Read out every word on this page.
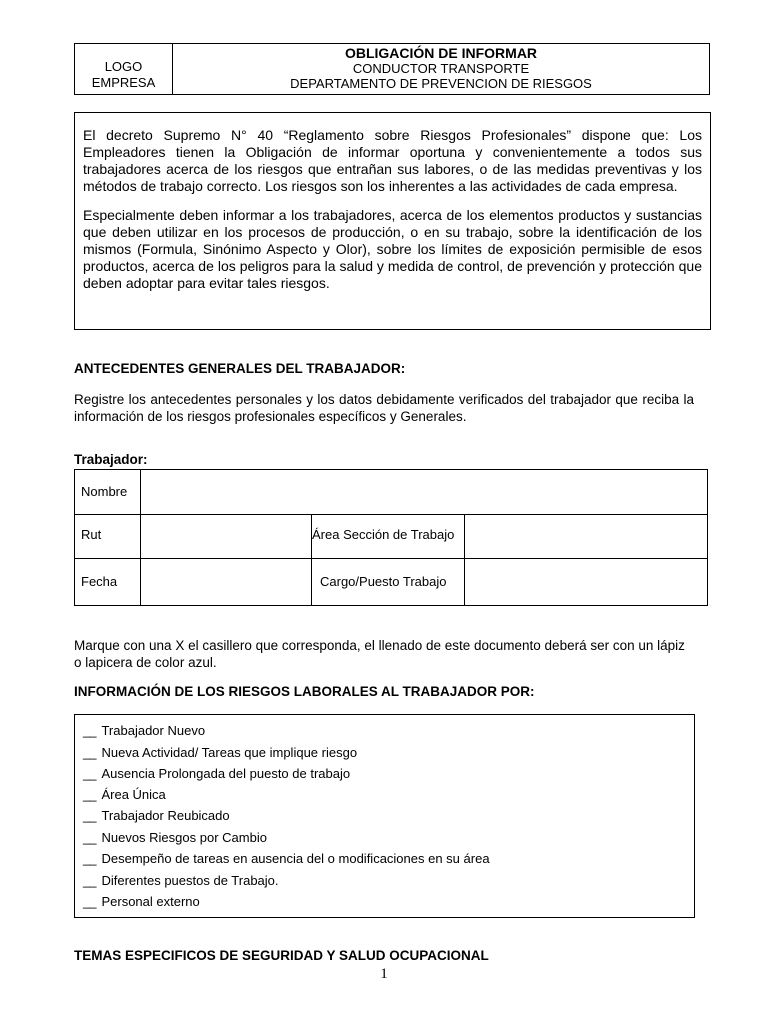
LOGO
EMPRESA
OBLIGACIÓN DE INFORMAR
CONDUCTOR TRANSPORTE
DEPARTAMENTO DE PREVENCION DE RIESGOS

El decreto Supremo N° 40 “Reglamento sobre Riesgos Profesionales” dispone que: Los Empleadores tienen la Obligación de informar oportuna y convenientemente a todos sus trabajadores acerca de los riesgos que entrañan sus labores, o de las medidas preventivas y los métodos de trabajo correcto. Los riesgos son los inherentes a las actividades de cada empresa.

Especialmente deben informar a los trabajadores, acerca de los elementos productos y sustancias que deben utilizar en los procesos de producción, o en su trabajo, sobre la identificación de los mismos (Formula, Sinónimo Aspecto y Olor), sobre los límites de exposición permisible de esos productos, acerca de los peligros para la salud y medida de control, de prevención y protección que deben adoptar para evitar tales riesgos.

ANTECEDENTES GENERALES DEL TRABAJADOR:
Registre los antecedentes personales y los datos debidamente verificados del trabajador que reciba la información de los riesgos profesionales específicos y Generales.
Trabajador:
Nombre
Rut	Área Sección de Trabajo
Fecha	Cargo/Puesto Trabajo
Marque con una X el casillero que corresponda, el llenado de este documento deberá ser con un lápiz o lapicera de color azul.
INFORMACIÓN DE LOS RIESGOS LABORALES AL TRABAJADOR POR:
__ Trabajador Nuevo
__ Nueva Actividad/ Tareas que implique riesgo
__ Ausencia Prolongada del puesto de trabajo
__ Área Única
__ Trabajador Reubicado
__ Nuevos Riesgos por Cambio
__ Desempeño de tareas en ausencia del o modificaciones en su área
__ Diferentes puestos de Trabajo.
__ Personal externo
TEMAS ESPECIFICOS DE SEGURIDAD Y SALUD OCUPACIONAL
1
